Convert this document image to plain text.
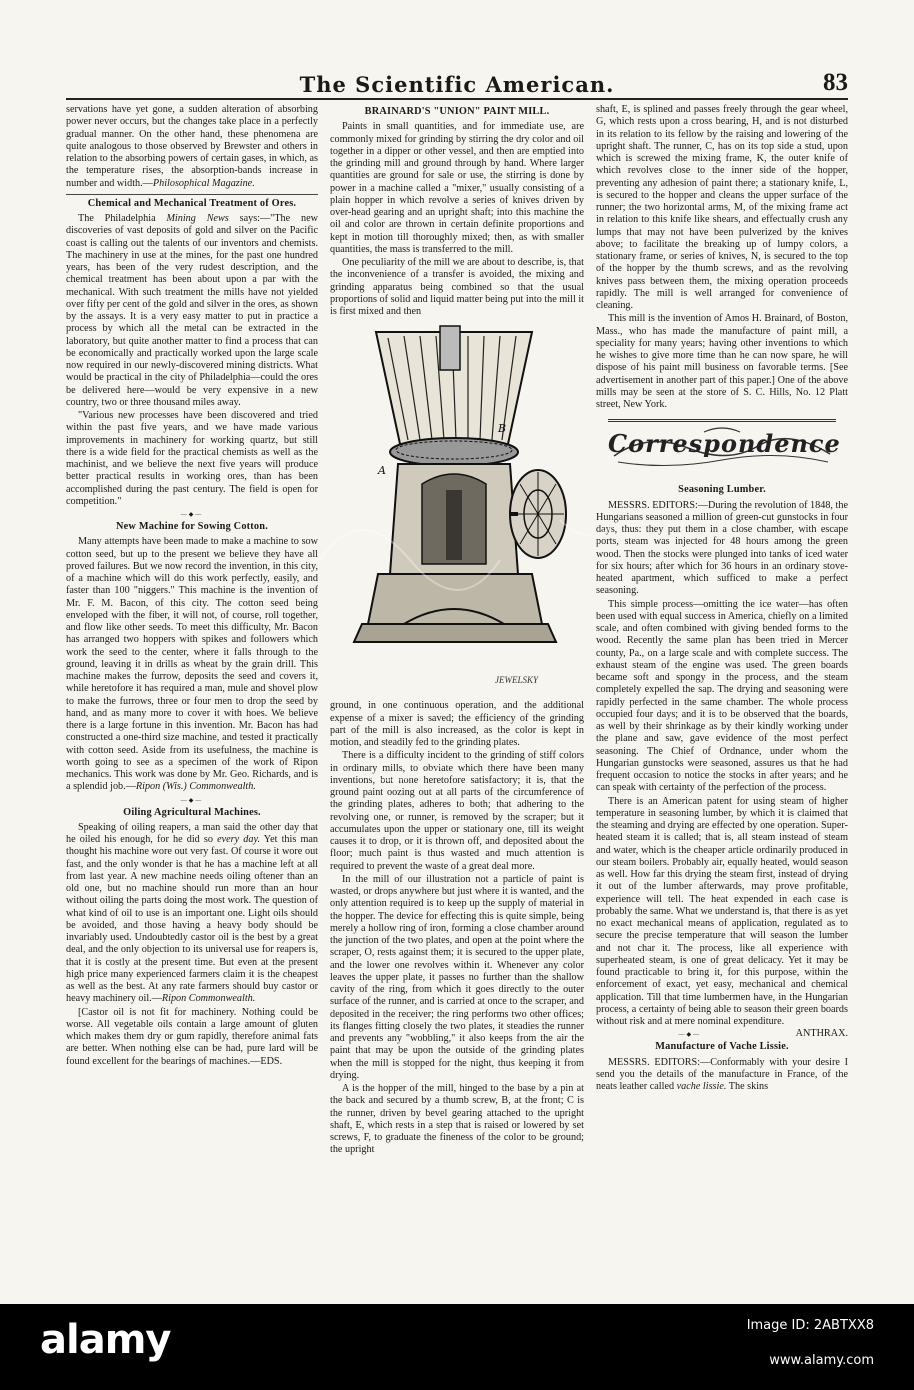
The Scientific American.	83

servations have yet gone, a sudden alteration of absorbing power never occurs, but the changes take place in a perfectly gradual manner. On the other hand, these phenomena are quite analogous to those observed by Brewster and others in relation to the absorbing powers of certain gases, in which, as the temperature rises, the absorption-bands increase in number and width.—Philosophical Magazine.

Chemical and Mechanical Treatment of Ores.

The Philadelphia Mining News says:—"The new discoveries of vast deposits of gold and silver on the Pacific coast is calling out the talents of our inventors and chemists. The machinery in use at the mines, for the past one hundred years, has been of the very rudest description, and the chemical treatment has been about upon a par with the mechanical. With such treatment the mills have not yielded over fifty per cent of the gold and silver in the ores, as shown by the assays. It is a very easy matter to put in practice a process by which all the metal can be extracted in the laboratory, but quite another matter to find a process that can be economically and practically worked upon the large scale now required in our newly-discovered mining districts. What would be practical in the city of Philadelphia—could the ores be delivered here—would be very expensive in a new country, two or three thousand miles away.

"Various new processes have been discovered and tried within the past five years, and we have made various improvements in machinery for working quartz, but still there is a wide field for the practical chemists as well as the machinist, and we believe the next five years will produce better practical results in working ores, than has been accomplished during the past century. The field is open for competition."

—◆—
New Machine for Sowing Cotton.

Many attempts have been made to make a machine to sow cotton seed, but up to the present we believe they have all proved failures. But we now record the invention, in this city, of a machine which will do this work perfectly, easily, and faster than 100 "niggers." This machine is the invention of Mr. F. M. Bacon, of this city. The cotton seed being enveloped with the fiber, it will not, of course, roll together, and flow like other seeds. To meet this difficulty, Mr. Bacon has arranged two hoppers with spikes and followers which work the seed to the center, where it falls through to the ground, leaving it in drills as wheat by the grain drill. This machine makes the furrow, deposits the seed and covers it, while heretofore it has required a man, mule and shovel plow to make the furrows, three or four men to drop the seed by hand, and as many more to cover it with hoes. We believe there is a large fortune in this invention. Mr. Bacon has had constructed a one-third size machine, and tested it practically with cotton seed. Aside from its usefulness, the machine is worth going to see as a specimen of the work of Ripon mechanics. This work was done by Mr. Geo. Richards, and is a splendid job.—Ripon (Wis.) Commonwealth.

—◆—
Oiling Agricultural Machines.

Speaking of oiling reapers, a man said the other day that he oiled his enough, for he did so every day. Yet this man thought his machine wore out very fast. Of course it wore out fast, and the only wonder is that he has a machine left at all from last year. A new machine needs oiling oftener than an old one, but no machine should run more than an hour without oiling the parts doing the most work. The question of what kind of oil to use is an important one. Light oils should be avoided, and those having a heavy body should be invariably used. Undoubtedly castor oil is the best by a great deal, and the only objection to its universal use for reapers is, that it is costly at the present time. But even at the present high price many experienced farmers claim it is the cheapest as well as the best. At any rate farmers should buy castor or heavy machinery oil.—Ripon Commonwealth.

[Castor oil is not fit for machinery. Nothing could be worse. All vegetable oils contain a large amount of gluten which makes them dry or gum rapidly, therefore animal fats are better. When nothing else can be had, pure lard will be found excellent for the bearings of machines.—EDS.

BRAINARD'S "UNION" PAINT MILL.

Paints in small quantities, and for immediate use, are commonly mixed for grinding by stirring the dry color and oil together in a dipper or other vessel, and then are emptied into the grinding mill and ground through by hand. Where larger quantities are ground for sale or use, the stirring is done by power in a machine called a "mixer," usually consisting of a plain hopper in which revolve a series of knives driven by over-head gearing and an upright shaft; into this machine the oil and color are thrown in certain definite proportions and kept in motion till thoroughly mixed; then, as with smaller quantities, the mass is transferred to the mill.

One peculiarity of the mill we are about to describe, is, that the inconvenience of a transfer is avoided, the mixing and grinding apparatus being combined so that the usual proportions of solid and liquid matter being put into the mill it is first mixed and then

A
B
JEWELSKY

ground, in one continuous operation, and the additional expense of a mixer is saved; the efficiency of the grinding part of the mill is also increased, as the color is kept in motion, and steadily fed to the grinding plates.

There is a difficulty incident to the grinding of stiff colors in ordinary mills, to obviate which there have been many inventions, but none heretofore satisfactory; it is, that the ground paint oozing out at all parts of the circumference of the grinding plates, adheres to both; that adhering to the revolving one, or runner, is removed by the scraper; but it accumulates upon the upper or stationary one, till its weight causes it to drop, or it is thrown off, and deposited about the floor; much paint is thus wasted and much attention is required to prevent the waste of a great deal more.

In the mill of our illustration not a particle of paint is wasted, or drops anywhere but just where it is wanted, and the only attention required is to keep up the supply of material in the hopper. The device for effecting this is quite simple, being merely a hollow ring of iron, forming a close chamber around the junction of the two plates, and open at the point where the scraper, O, rests against them; it is secured to the upper plate, and the lower one revolves within it. Whenever any color leaves the upper plate, it passes no further than the shallow cavity of the ring, from which it goes directly to the outer surface of the runner, and is carried at once to the scraper, and deposited in the receiver; the ring performs two other offices; its flanges fitting closely the two plates, it steadies the runner and prevents any "wobbling," it also keeps from the air the paint that may be upon the outside of the grinding plates when the mill is stopped for the night, thus keeping it from drying.

A is the hopper of the mill, hinged to the base by a pin at the back and secured by a thumb screw, B, at the front; C is the runner, driven by bevel gearing attached to the upright shaft, E, which rests in a step that is raised or lowered by set screws, F, to graduate the fineness of the color to be ground; the upright

shaft, E, is splined and passes freely through the gear wheel, G, which rests upon a cross bearing, H, and is not disturbed in its relation to its fellow by the raising and lowering of the upright shaft. The runner, C, has on its top side a stud, upon which is screwed the mixing frame, K, the outer knife of which revolves close to the inner side of the hopper, preventing any adhesion of paint there; a stationary knife, L, is secured to the hopper and cleans the upper surface of the runner; the two horizontal arms, M, of the mixing frame act in relation to this knife like shears, and effectually crush any lumps that may not have been pulverized by the knives above; to facilitate the breaking up of lumpy colors, a stationary frame, or series of knives, N, is secured to the top of the hopper by the thumb screws, and as the revolving knives pass between them, the mixing operation proceeds rapidly. The mill is well arranged for convenience of cleaning.

This mill is the invention of Amos H. Brainard, of Boston, Mass., who has made the manufacture of paint mill, a speciality for many years; having other inventions to which he wishes to give more time than he can now spare, he will dispose of his paint mill business on favorable terms. [See advertisement in another part of this paper.] One of the above mills may be seen at the store of S. C. Hills, No. 12 Platt street, New York.

Correspondence
Seasoning Lumber.

MESSRS. EDITORS:—During the revolution of 1848, the Hungarians seasoned a million of green-cut gunstocks in four days, thus: they put them in a close chamber, with escape ports, steam was injected for 48 hours among the green wood. Then the stocks were plunged into tanks of iced water for six hours; after which for 36 hours in an ordinary stove-heated apartment, which sufficed to make a perfect seasoning.

This simple process—omitting the ice water—has often been used with equal success in America, chiefly on a limited scale, and often combined with giving bended forms to the wood. Recently the same plan has been tried in Mercer county, Pa., on a large scale and with complete success. The exhaust steam of the engine was used. The green boards became soft and spongy in the process, and the steam completely expelled the sap. The drying and seasoning were rapidly perfected in the same chamber. The whole process occupied four days; and it is to be observed that the boards, as well by their shrinkage as by their kindly working under the plane and saw, gave evidence of the most perfect seasoning. The Chief of Ordnance, under whom the Hungarian gunstocks were seasoned, assures us that he had frequent occasion to notice the stocks in after years; and he can speak with certainty of the perfection of the process.

There is an American patent for using steam of higher temperature in seasoning lumber, by which it is claimed that the steaming and drying are effected by one operation. Super-heated steam it is called; that is, all steam instead of steam and water, which is the cheaper article ordinarily produced in our steam boilers. Probably air, equally heated, would season as well. How far this drying the steam first, instead of drying it out of the lumber afterwards, may prove profitable, experience will tell. The heat expended in each case is probably the same. What we understand is, that there is as yet no exact mechanical means of application, regulated as to secure the precise temperature that will season the lumber and not char it. The process, like all experience with superheated steam, is one of great delicacy. Yet it may be found practicable to bring it, for this purpose, within the enforcement of exact, yet easy, mechanical and chemical application. Till that time lumbermen have, in the Hungarian process, a certainty of being able to season their green boards without risk and at mere nominal expenditure.
ANTHRAX.

—◆—
Manufacture of Vache Lissie.

MESSRS. EDITORS:—Conformably with your desire I send you the details of the manufacture in France, of the neats leather called vache lissie. The skins

alamy	Image ID: 2ABTXX8
www.alamy.com
